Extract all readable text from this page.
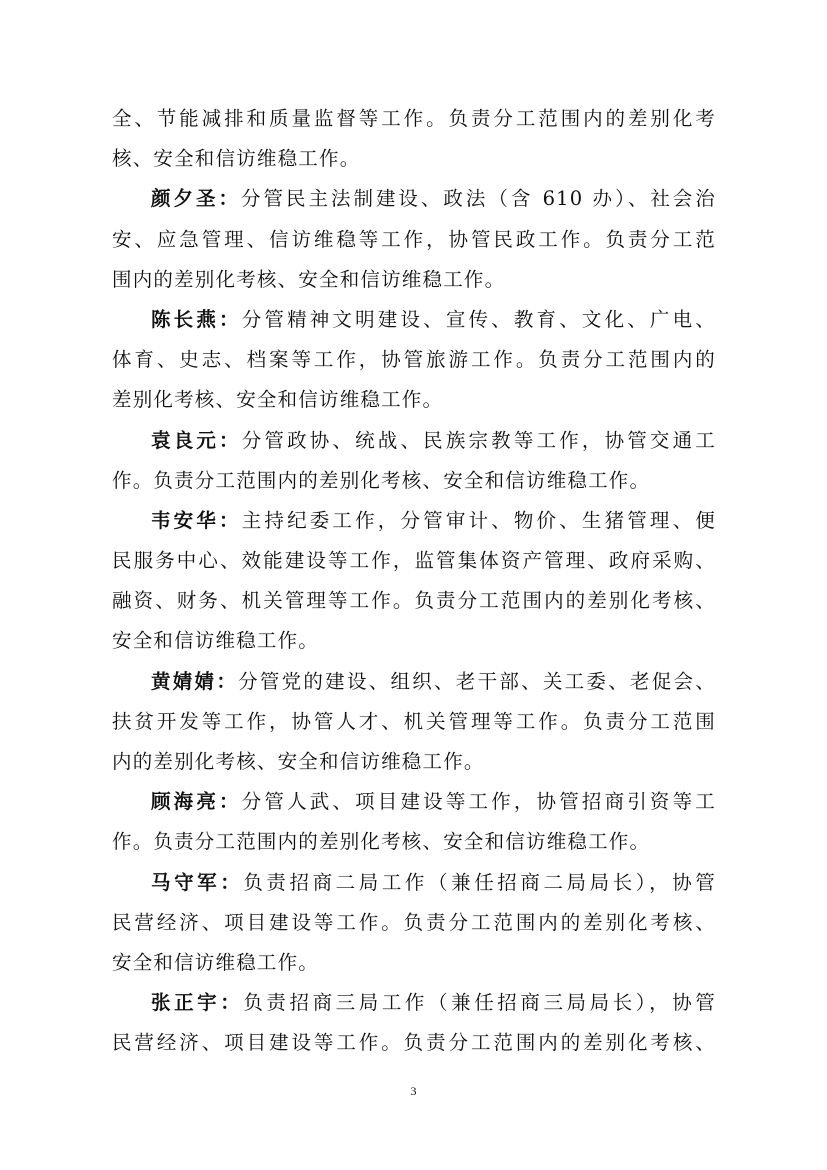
全、节能减排和质量监督等工作。负责分工范围内的差别化考
核、安全和信访维稳工作。
颜夕圣：分管民主法制建设、政法（含 610 办）、社会治
安、应急管理、信访维稳等工作，协管民政工作。负责分工范
围内的差别化考核、安全和信访维稳工作。
陈长燕：分管精神文明建设、宣传、教育、文化、广电、
体育、史志、档案等工作，协管旅游工作。负责分工范围内的
差别化考核、安全和信访维稳工作。
袁良元：分管政协、统战、民族宗教等工作，协管交通工
作。负责分工范围内的差别化考核、安全和信访维稳工作。
韦安华：主持纪委工作，分管审计、物价、生猪管理、便
民服务中心、效能建设等工作，监管集体资产管理、政府采购、
融资、财务、机关管理等工作。负责分工范围内的差别化考核、
安全和信访维稳工作。
黄婧婧：分管党的建设、组织、老干部、关工委、老促会、
扶贫开发等工作，协管人才、机关管理等工作。负责分工范围
内的差别化考核、安全和信访维稳工作。
顾海亮：分管人武、项目建设等工作，协管招商引资等工
作。负责分工范围内的差别化考核、安全和信访维稳工作。
马守军：负责招商二局工作（兼任招商二局局长），协管
民营经济、项目建设等工作。负责分工范围内的差别化考核、
安全和信访维稳工作。
张正宇：负责招商三局工作（兼任招商三局局长），协管
民营经济、项目建设等工作。负责分工范围内的差别化考核、
3
